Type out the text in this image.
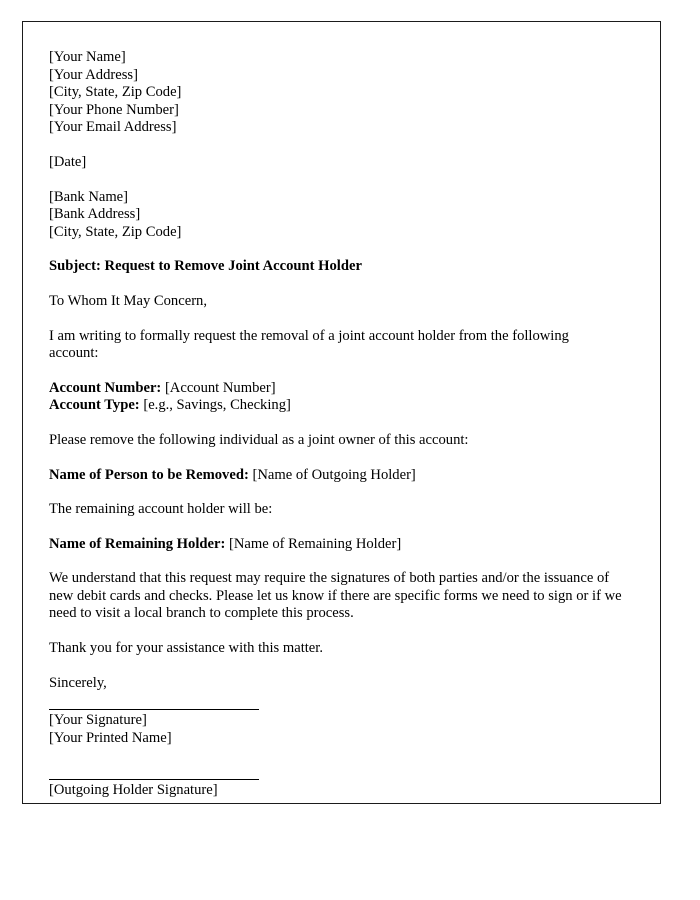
[Your Name]
[Your Address]
[City, State, Zip Code]
[Your Phone Number]
[Your Email Address]
[Date]
[Bank Name]
[Bank Address]
[City, State, Zip Code]
Subject: Request to Remove Joint Account Holder
To Whom It May Concern,
I am writing to formally request the removal of a joint account holder from the following account:
Account Number: [Account Number]
Account Type: [e.g., Savings, Checking]
Please remove the following individual as a joint owner of this account:
Name of Person to be Removed: [Name of Outgoing Holder]
The remaining account holder will be:
Name of Remaining Holder: [Name of Remaining Holder]
We understand that this request may require the signatures of both parties and/or the issuance of new debit cards and checks. Please let us know if there are specific forms we need to sign or if we need to visit a local branch to complete this process.
Thank you for your assistance with this matter.
Sincerely,
[Your Signature]
[Your Printed Name]
[Outgoing Holder Signature]
